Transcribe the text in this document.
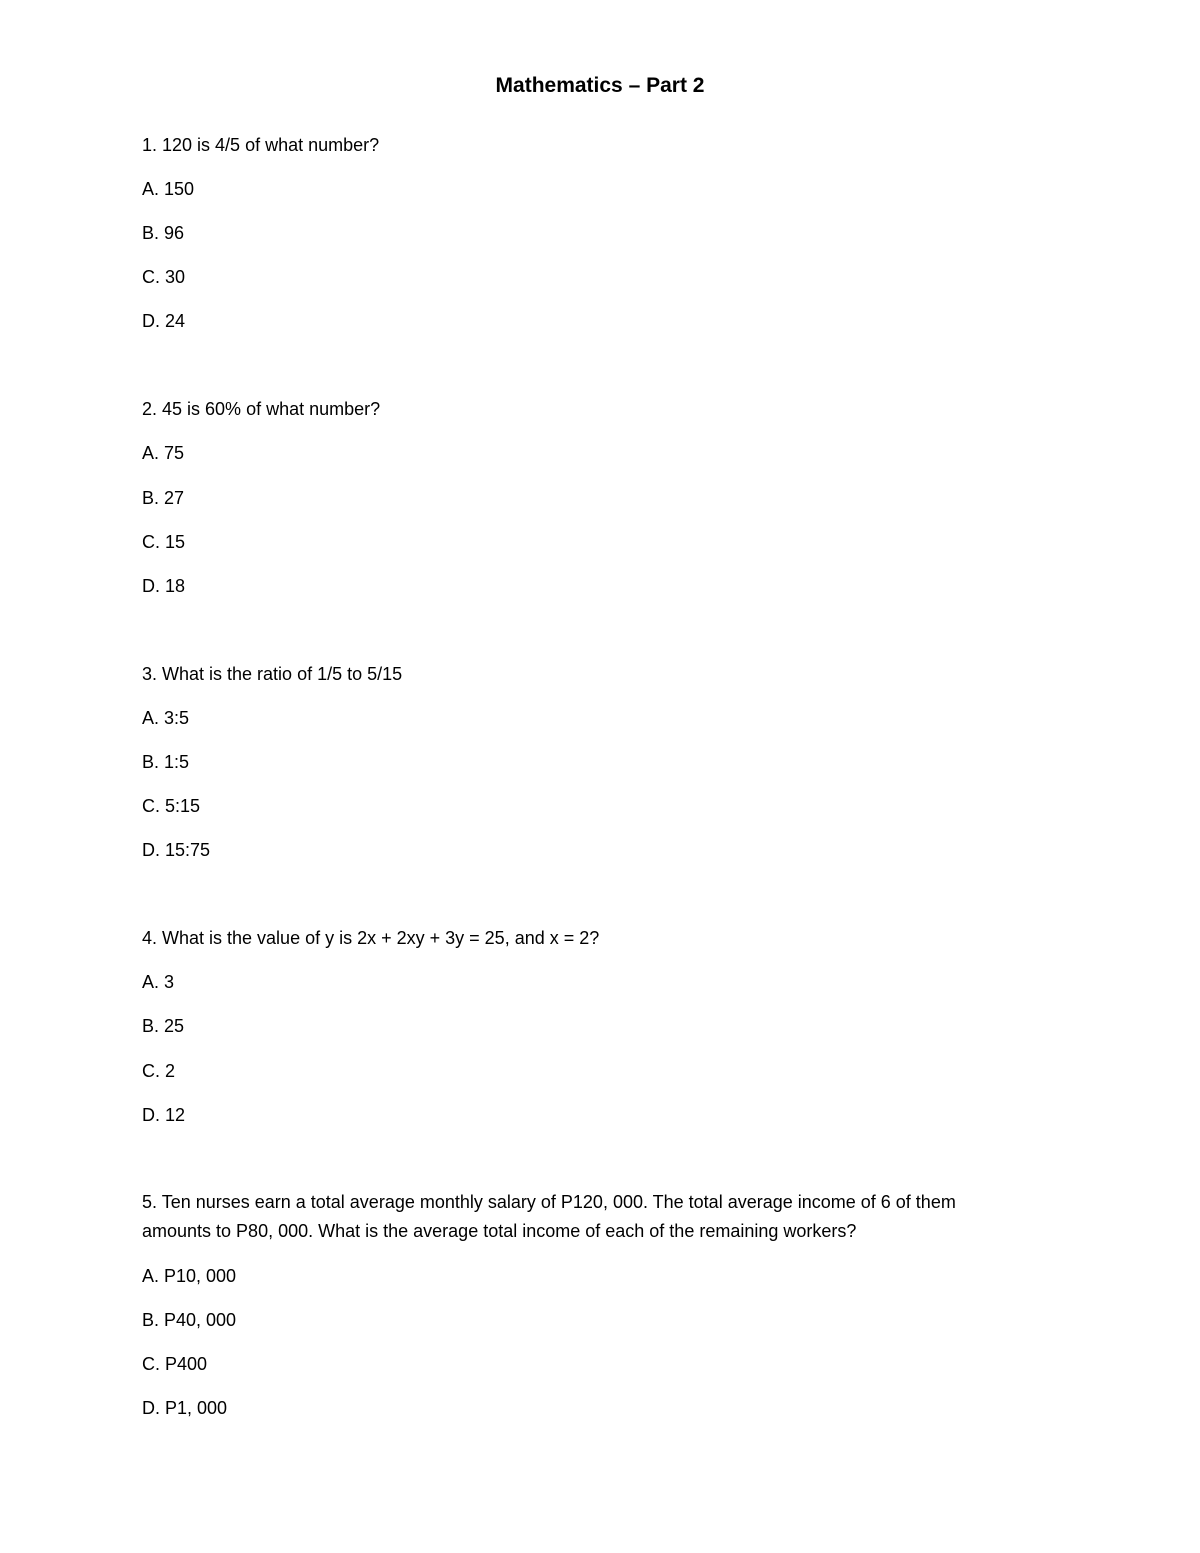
Mathematics – Part 2
1. 120 is 4/5 of what number?
A. 150
B. 96
C. 30
D. 24
2. 45 is 60% of what number?
A. 75
B. 27
C. 15
D. 18
3. What is the ratio of 1/5 to 5/15
A. 3:5
B. 1:5
C. 5:15
D. 15:75
4. What is the value of y is 2x + 2xy + 3y = 25, and x = 2?
A. 3
B. 25
C. 2
D. 12
5. Ten nurses earn a total average monthly salary of P120, 000. The total average income of 6 of them
amounts to P80, 000. What is the average total income of each of the remaining workers?
A. P10, 000
B. P40, 000
C. P400
D. P1, 000
